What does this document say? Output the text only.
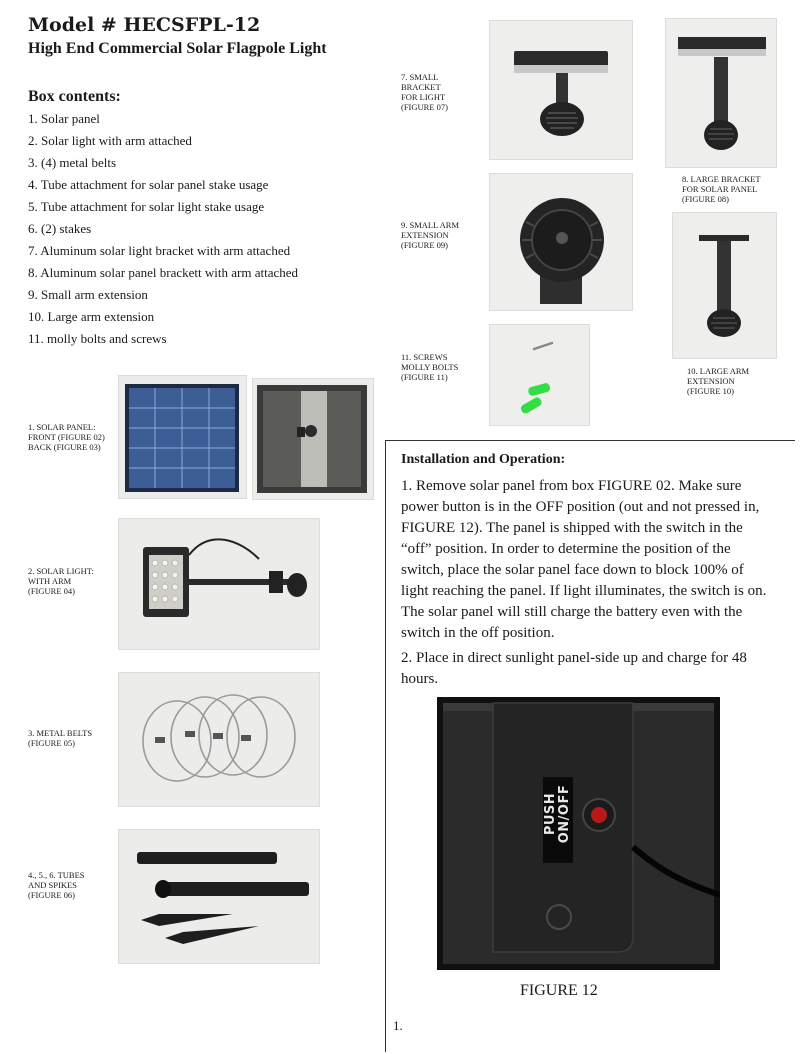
Model # HECSFPL-12
High End Commercial Solar Flagpole Light
Box contents:
1. Solar panel
2. Solar light with arm attached
3. (4) metal belts
4. Tube attachment for solar panel stake usage
5. Tube attachment for solar light stake usage
6. (2) stakes
7. Aluminum solar light bracket with arm attached
8. Aluminum solar panel brackett with arm attached
9. Small arm extension
10. Large arm extension
11. molly bolts and screws
7. SMALL
BRACKET
FOR LIGHT
(FIGURE 07)
8. LARGE BRACKET
FOR SOLAR PANEL
(FIGURE 08)
9. SMALL ARM
EXTENSION
(FIGURE 09)
10. LARGE ARM
EXTENSION
(FIGURE 10)
11. SCREWS
MOLLY BOLTS
(FIGURE 11)
1. SOLAR PANEL:
FRONT (FIGURE 02)
BACK (FIGURE 03)
2. SOLAR LIGHT:
WITH ARM
(FIGURE 04)
3. METAL BELTS
(FIGURE 05)
4., 5., 6. TUBES
AND SPIKES
(FIGURE 06)
Installation and Operation:

1. Remove solar panel from box FIGURE 02. Make sure power button is in the OFF position (out and not pressed in, FIGURE 12). The panel is shipped with the switch in the “off” position. In order to determine the position of the switch, place the solar panel face down to block 100% of light reaching the panel. If light illuminates, the switch is on. The solar panel will still charge the battery even with the switch in the off position.

2. Place in direct sunlight panel-side up and charge for 48 hours.

PUSH ON/OFF
FIGURE 12
1.
